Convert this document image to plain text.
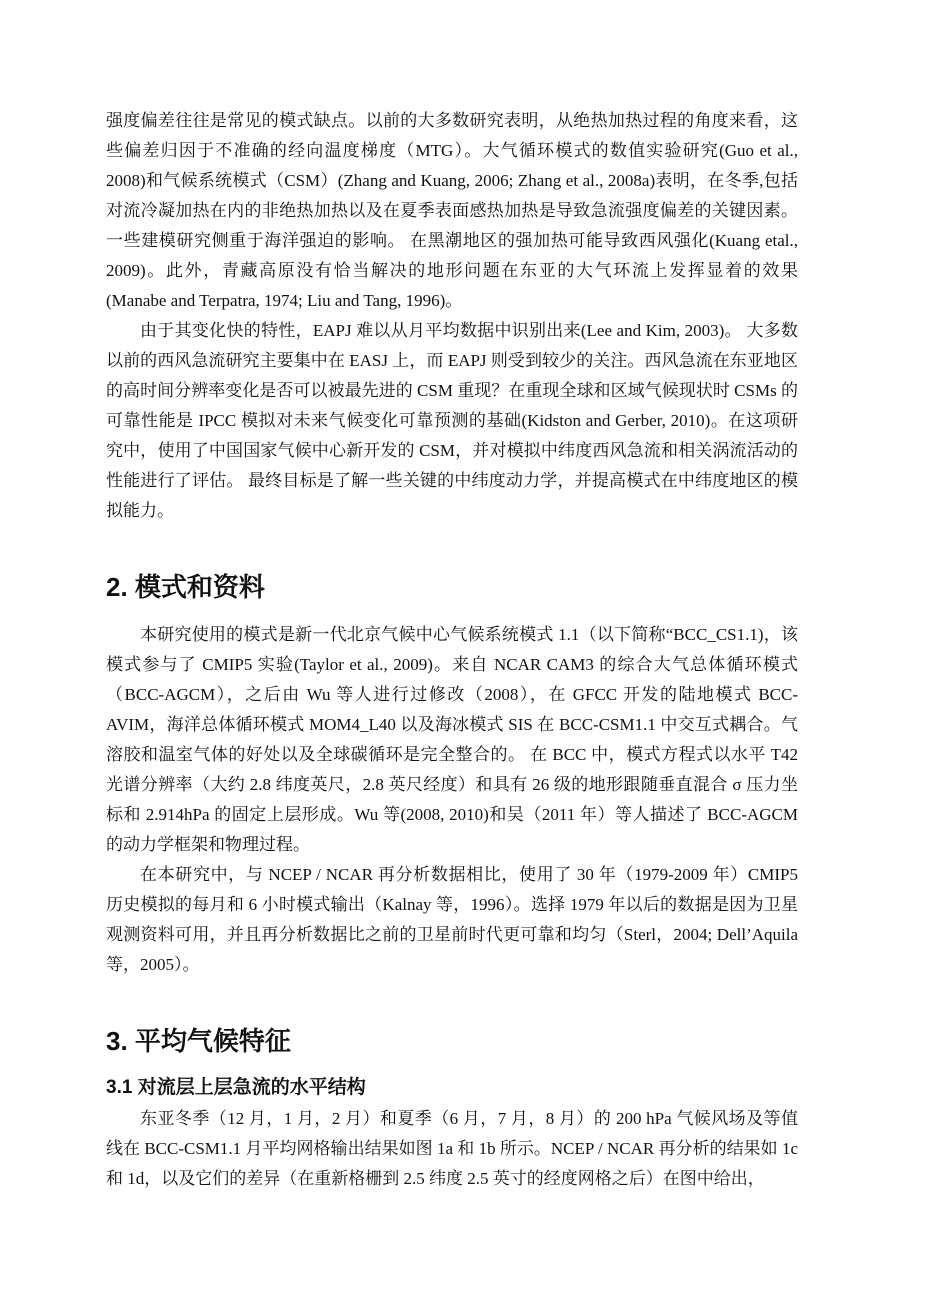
强度偏差往往是常见的模式缺点。以前的大多数研究表明，从绝热加热过程的角度来看，这些偏差归因于不准确的经向温度梯度（MTG）。大气循环模式的数值实验研究(Guo et al., 2008)和气候系统模式（CSM）(Zhang and Kuang, 2006; Zhang et al., 2008a)表明，在冬季,包括对流冷凝加热在内的非绝热加热以及在夏季表面感热加热是导致急流强度偏差的关键因素。一些建模研究侧重于海洋强迫的影响。 在黑潮地区的强加热可能导致西风强化(Kuang etal., 2009)。此外，青藏高原没有恰当解决的地形问题在东亚的大气环流上发挥显着的效果(Manabe and Terpatra, 1974; Liu and Tang, 1996)。

由于其变化快的特性，EAPJ 难以从月平均数据中识别出来(Lee and Kim, 2003)。 大多数以前的西风急流研究主要集中在 EASJ 上，而 EAPJ 则受到较少的关注。西风急流在东亚地区的高时间分辨率变化是否可以被最先进的 CSM 重现？在重现全球和区域气候现状时 CSMs 的可靠性能是 IPCC 模拟对未来气候变化可靠预测的基础(Kidston and Gerber, 2010)。在这项研究中，使用了中国国家气候中心新开发的 CSM，并对模拟中纬度西风急流和相关涡流活动的性能进行了评估。 最终目标是了解一些关键的中纬度动力学，并提高模式在中纬度地区的模拟能力。

2. 模式和资料

本研究使用的模式是新一代北京气候中心气候系统模式 1.1（以下简称“BCC_CS1.1)，该模式参与了 CMIP5 实验(Taylor et al., 2009)。来自 NCAR CAM3 的综合大气总体循环模式（BCC-AGCM），之后由 Wu 等人进行过修改（2008），在 GFCC 开发的陆地模式 BCC-AVIM，海洋总体循环模式 MOM4_L40 以及海冰模式 SIS 在 BCC-CSM1.1 中交互式耦合。气溶胶和温室气体的好处以及全球碳循环是完全整合的。 在 BCC 中，模式方程式以水平 T42 光谱分辨率（大约 2.8 纬度英尺，2.8 英尺经度）和具有 26 级的地形跟随垂直混合 σ 压力坐标和 2.914hPa 的固定上层形成。Wu 等(2008, 2010)和吴（2011 年）等人描述了 BCC-AGCM 的动力学框架和物理过程。

在本研究中，与 NCEP / NCAR 再分析数据相比，使用了 30 年（1979-2009 年）CMIP5 历史模拟的每月和 6 小时模式输出（Kalnay 等，1996）。选择 1979 年以后的数据是因为卫星观测资料可用，并且再分析数据比之前的卫星前时代更可靠和均匀（Sterl，2004; Dell’Aquila 等，2005）。

3. 平均气候特征
3.1 对流层上层急流的水平结构

东亚冬季（12 月，1 月，2 月）和夏季（6 月，7 月，8 月）的 200 hPa 气候风场及等值线在 BCC-CSM1.1 月平均网格输出结果如图 1a 和 1b 所示。NCEP / NCAR 再分析的结果如 1c 和 1d，以及它们的差异（在重新格栅到 2.5 纬度 2.5 英寸的经度网格之后）在图中给出，
